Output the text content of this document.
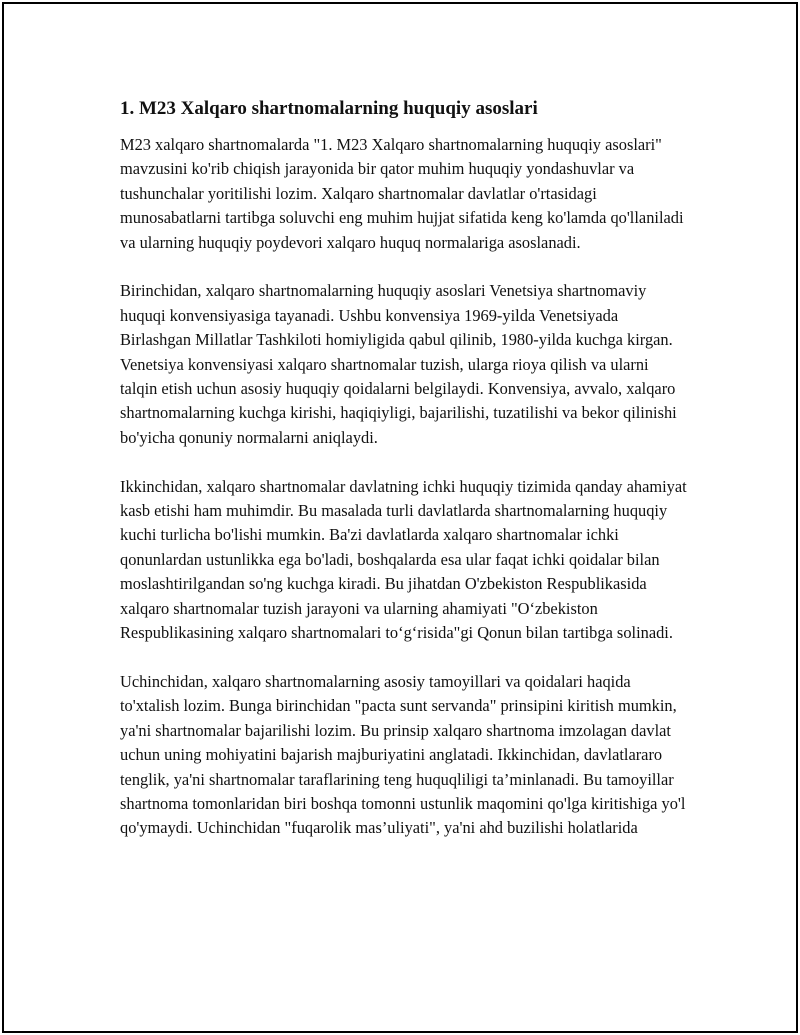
1. M23 Xalqaro shartnomalarning huquqiy asoslari

M23 xalqaro shartnomalarda "1. M23 Xalqaro shartnomalarning huquqiy asoslari" mavzusini ko'rib chiqish jarayonida bir qator muhim huquqiy yondashuvlar va tushunchalar yoritilishi lozim. Xalqaro shartnomalar davlatlar o'rtasidagi munosabatlarni tartibga soluvchi eng muhim hujjat sifatida keng ko'lamda qo'llaniladi va ularning huquqiy poydevori xalqaro huquq normalariga asoslanadi.

Birinchidan, xalqaro shartnomalarning huquqiy asoslari Venetsiya shartnomaviy huquqi konvensiyasiga tayanadi. Ushbu konvensiya 1969-yilda Venetsiyada Birlashgan Millatlar Tashkiloti homiyligida qabul qilinib, 1980-yilda kuchga kirgan. Venetsiya konvensiyasi xalqaro shartnomalar tuzish, ularga rioya qilish va ularni talqin etish uchun asosiy huquqiy qoidalarni belgilaydi. Konvensiya, avvalo, xalqaro shartnomalarning kuchga kirishi, haqiqiyligi, bajarilishi, tuzatilishi va bekor qilinishi bo'yicha qonuniy normalarni aniqlaydi.

Ikkinchidan, xalqaro shartnomalar davlatning ichki huquqiy tizimida qanday ahamiyat kasb etishi ham muhimdir. Bu masalada turli davlatlarda shartnomalarning huquqiy kuchi turlicha bo'lishi mumkin. Ba'zi davlatlarda xalqaro shartnomalar ichki qonunlardan ustunlikka ega bo'ladi, boshqalarda esa ular faqat ichki qoidalar bilan moslashtirilgandan so'ng kuchga kiradi. Bu jihatdan O'zbekiston Respublikasida xalqaro shartnomalar tuzish jarayoni va ularning ahamiyati "O‘zbekiston Respublikasining xalqaro shartnomalari to‘g‘risida"gi Qonun bilan tartibga solinadi.

Uchinchidan, xalqaro shartnomalarning asosiy tamoyillari va qoidalari haqida to'xtalish lozim. Bunga birinchidan "pacta sunt servanda" prinsipini kiritish mumkin, ya'ni shartnomalar bajarilishi lozim. Bu prinsip xalqaro shartnoma imzolagan davlat uchun uning mohiyatini bajarish majburiyatini anglatadi. Ikkinchidan, davlatlararo tenglik, ya'ni shartnomalar taraflarining teng huquqliligi ta’minlanadi. Bu tamoyillar shartnoma tomonlaridan biri boshqa tomonni ustunlik maqomini qo'lga kiritishiga yo'l qo'ymaydi. Uchinchidan "fuqarolik mas’uliyati", ya'ni ahd buzilishi holatlarida
